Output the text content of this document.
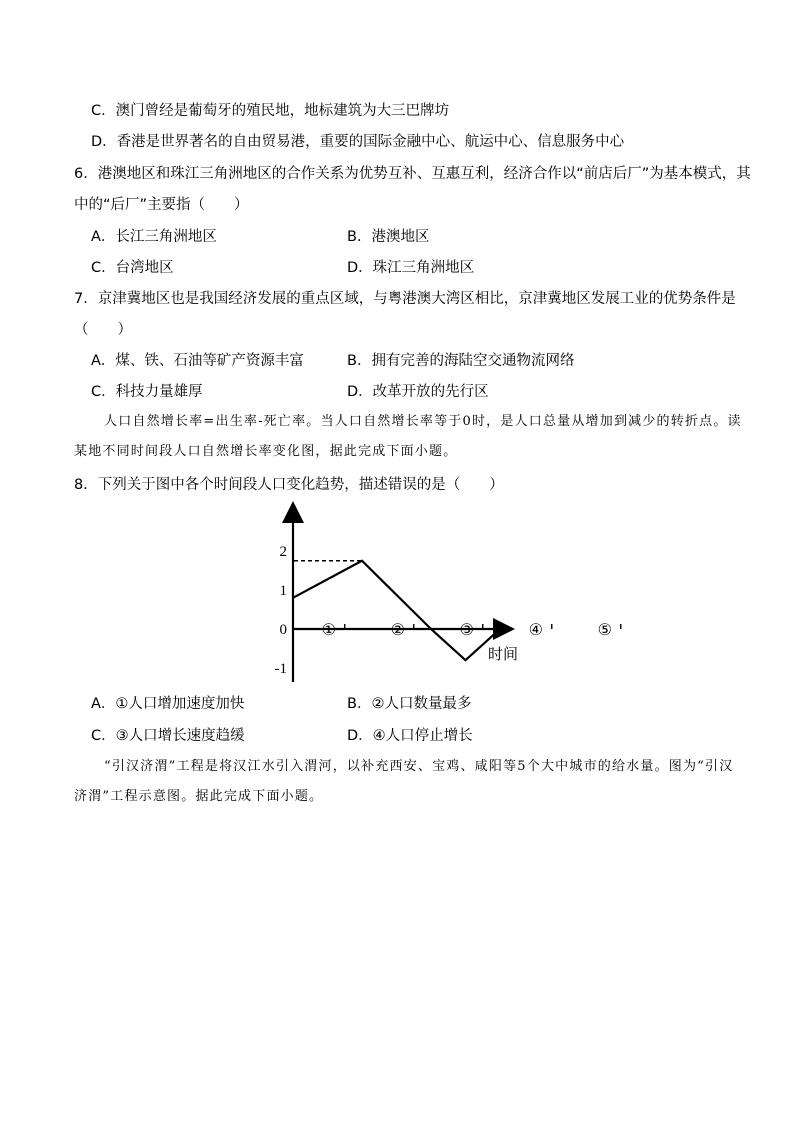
C．澳门曾经是葡萄牙的殖民地，地标建筑为大三巴牌坊
D．香港是世界著名的自由贸易港，重要的国际金融中心、航运中心、信息服务中心
6．港澳地区和珠江三角洲地区的合作关系为优势互补、互惠互利，经济合作以“前店后厂”为基本模式，其
中的“后厂”主要指（　　）
A．长江三角洲地区	B．港澳地区
C．台湾地区	D．珠江三角洲地区
7．京津冀地区也是我国经济发展的重点区域，与粤港澳大湾区相比，京津冀地区发展工业的优势条件是
（　　）
A．煤、铁、石油等矿产资源丰富	B．拥有完善的海陆空交通物流网络
C．科技力量雄厚	D．改革开放的先行区
人口自然增长率=出生率-死亡率。当人口自然增长率等于0时，是人口总量从增加到减少的转折点。读
某地不同时间段人口自然增长率变化图，据此完成下面小题。
8．下列关于图中各个时间段人口变化趋势，描述错误的是（　　）
2
1
0
-1
①	②	③	④	⑤
时间
A．①人口增加速度加快	B．②人口数量最多
C．③人口增长速度趋缓	D．④人口停止增长
“引汉济渭”工程是将汉江水引入渭河，以补充西安、宝鸡、咸阳等5个大中城市的给水量。图为“引汉
济渭”工程示意图。据此完成下面小题。
